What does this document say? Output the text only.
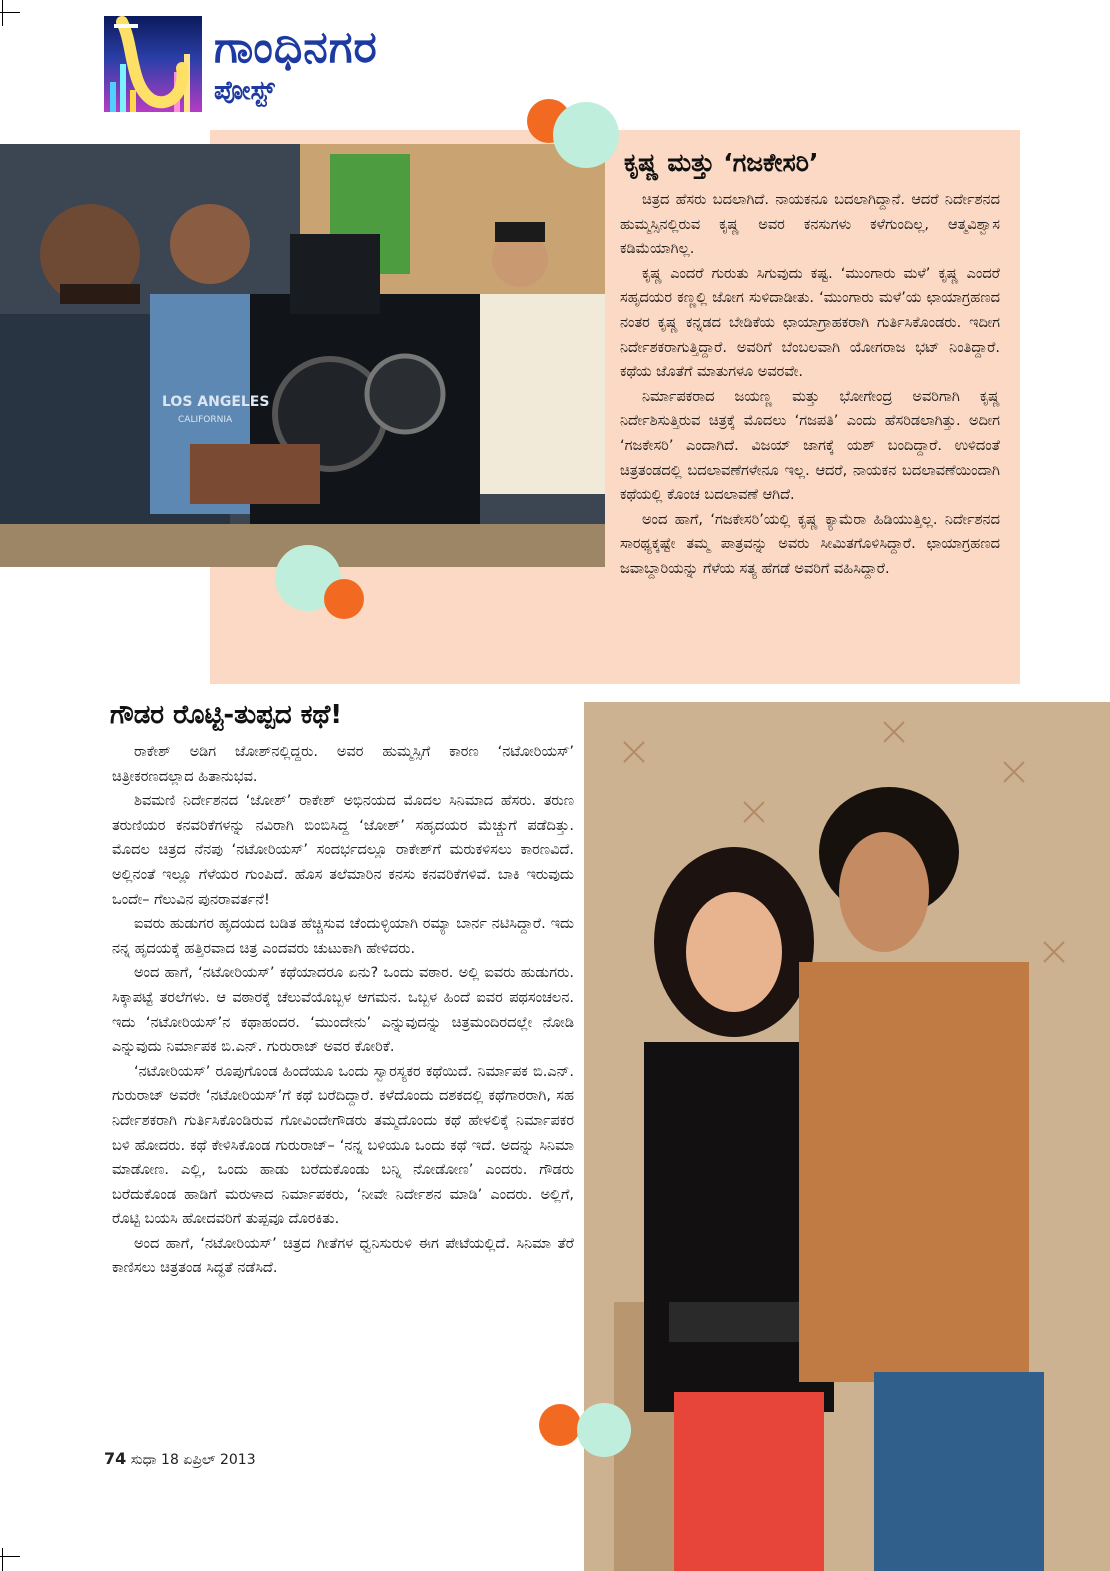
ಗಾಂಧಿನಗರ
ಪೋಸ್ಟ್
LOS ANGELES
CALIFORNIA
ಕೃಷ್ಣ ಮತ್ತು ‘ಗಜಕೇಸರಿ’

ಚಿತ್ರದ ಹೆಸರು ಬದಲಾಗಿದೆ. ನಾಯಕನೂ ಬದಲಾಗಿದ್ದಾನೆ. ಆದರೆ ನಿರ್ದೇಶನದ ಹುಮ್ಮಸ್ಸಿನಲ್ಲಿರುವ ಕೃಷ್ಣ ಅವರ ಕನಸುಗಳು ಕಳೆಗುಂದಿಲ್ಲ, ಆತ್ಮವಿಶ್ವಾಸ ಕಡಿಮೆಯಾಗಿಲ್ಲ.

ಕೃಷ್ಣ ಎಂದರೆ ಗುರುತು ಸಿಗುವುದು ಕಷ್ಟ. ‘ಮುಂಗಾರು ಮಳೆ’ ಕೃಷ್ಣ ಎಂದರೆ ಸಹೃದಯರ ಕಣ್ಣಲ್ಲಿ ಜೋಗ ಸುಳಿದಾಡೀತು. ‘ಮುಂಗಾರು ಮಳೆ’ಯ ಛಾಯಾಗ್ರಹಣದ ನಂತರ ಕೃಷ್ಣ ಕನ್ನಡದ ಬೇಡಿಕೆಯ ಛಾಯಾಗ್ರಾಹಕರಾಗಿ ಗುರ್ತಿಸಿಕೊಂಡರು. ಇದೀಗ ನಿರ್ದೇಶಕರಾಗುತ್ತಿದ್ದಾರೆ. ಅವರಿಗೆ ಬೆಂಬಲವಾಗಿ ಯೋಗರಾಜ ಭಟ್ ನಿಂತಿದ್ದಾರೆ. ಕಥೆಯ ಜೊತೆಗೆ ಮಾತುಗಳೂ ಅವರವೇ.

ನಿರ್ಮಾಪಕರಾದ ಜಯಣ್ಣ ಮತ್ತು ಭೋಗೇಂದ್ರ ಅವರಿಗಾಗಿ ಕೃಷ್ಣ ನಿರ್ದೇಶಿಸುತ್ತಿರುವ ಚಿತ್ರಕ್ಕೆ ಮೊದಲು ‘ಗಜಪತಿ’ ಎಂದು ಹೆಸರಿಡಲಾಗಿತ್ತು. ಅದೀಗ ‘ಗಜಕೇಸರಿ’ ಎಂದಾಗಿದೆ. ವಿಜಯ್ ಜಾಗಕ್ಕೆ ಯಶ್ ಬಂದಿದ್ದಾರೆ. ಉಳಿದಂತೆ ಚಿತ್ರತಂಡದಲ್ಲಿ ಬದಲಾವಣೆಗಳೇನೂ ಇಲ್ಲ. ಆದರೆ, ನಾಯಕನ ಬದಲಾವಣೆಯಿಂದಾಗಿ ಕಥೆಯಲ್ಲಿ ಕೊಂಚ ಬದಲಾವಣೆ ಆಗಿದೆ.

ಅಂದ ಹಾಗೆ, ‘ಗಜಕೇಸರಿ’ಯಲ್ಲಿ ಕೃಷ್ಣ ಕ್ಯಾಮೆರಾ ಹಿಡಿಯುತ್ತಿಲ್ಲ. ನಿರ್ದೇಶನದ ಸಾರಥ್ಯಕ್ಕಷ್ಟೇ ತಮ್ಮ ಪಾತ್ರವನ್ನು ಅವರು ಸೀಮಿತಗೊಳಿಸಿದ್ದಾರೆ. ಛಾಯಾಗ್ರಹಣದ ಜವಾಬ್ದಾರಿಯನ್ನು ಗೆಳೆಯ ಸತ್ಯ ಹೆಗಡೆ ಅವರಿಗೆ ವಹಿಸಿದ್ದಾರೆ.

ಗೌಡರ ರೊಟ್ಟಿ-ತುಪ್ಪದ ಕಥೆ!

ರಾಕೇಶ್ ಅಡಿಗ ಜೋಶ್‌ನಲ್ಲಿದ್ದರು. ಅವರ ಹುಮ್ಮಸ್ಸಿಗೆ ಕಾರಣ ‘ನಟೋರಿಯಸ್’ ಚಿತ್ರೀಕರಣದಲ್ಲಾದ ಹಿತಾನುಭವ.

ಶಿವಮಣಿ ನಿರ್ದೇಶನದ ‘ಜೋಶ್’ ರಾಕೇಶ್ ಅಭಿನಯದ ಮೊದಲ ಸಿನಿಮಾದ ಹೆಸರು. ತರುಣ ತರುಣಿಯರ ಕನವರಿಕೆಗಳನ್ನು ನವಿರಾಗಿ ಬಿಂಬಿಸಿದ್ದ ‘ಜೋಶ್’ ಸಹೃದಯರ ಮೆಚ್ಚುಗೆ ಪಡೆದಿತ್ತು. ಮೊದಲ ಚಿತ್ರದ ನೆನಪು ‘ನಟೋರಿಯಸ್’ ಸಂದರ್ಭದಲ್ಲೂ ರಾಕೇಶ್‌ಗೆ ಮರುಕಳಿಸಲು ಕಾರಣವಿದೆ. ಅಲ್ಲಿನಂತೆ ಇಲ್ಲೂ ಗೆಳೆಯರ ಗುಂಪಿದೆ. ಹೊಸ ತಲೆಮಾರಿನ ಕನಸು ಕನವರಿಕೆಗಳಿವೆ. ಬಾಕಿ ಇರುವುದು ಒಂದೇ– ಗೆಲುವಿನ ಪುನರಾವರ್ತನೆ!

ಐವರು ಹುಡುಗರ ಹೃದಯದ ಬಡಿತ ಹೆಚ್ಚಿಸುವ ಚೆಂದುಳ್ಳಿಯಾಗಿ ರಮ್ಯಾ ಬಾರ್ನ ನಟಿಸಿದ್ದಾರೆ. ಇದು ನನ್ನ ಹೃದಯಕ್ಕೆ ಹತ್ತಿರವಾದ ಚಿತ್ರ ಎಂದವರು ಚುಟುಕಾಗಿ ಹೇಳಿದರು.

ಅಂದ ಹಾಗೆ, ‘ನಟೋರಿಯಸ್’ ಕಥೆಯಾದರೂ ಏನು? ಒಂದು ವಠಾರ. ಅಲ್ಲಿ ಐವರು ಹುಡುಗರು. ಸಿಕ್ಕಾಪಟ್ಟೆ ತರಲೆಗಳು. ಆ ವಠಾರಕ್ಕೆ ಚೆಲುವೆಯೊಬ್ಬಳ ಆಗಮನ. ಒಬ್ಬಳ ಹಿಂದೆ ಐವರ ಪಥಸಂಚಲನ. ಇದು ‘ನಟೋರಿಯಸ್’ನ ಕಥಾಹಂದರ. ‘ಮುಂದೇನು’ ಎನ್ನುವುದನ್ನು ಚಿತ್ರಮಂದಿರದಲ್ಲೇ ನೋಡಿ ಎನ್ನುವುದು ನಿರ್ಮಾಪಕ ಬಿ.ಎನ್. ಗುರುರಾಜ್ ಅವರ ಕೋರಿಕೆ.

‘ನಟೋರಿಯಸ್’ ರೂಪುಗೊಂಡ ಹಿಂದೆಯೂ ಒಂದು ಸ್ವಾರಸ್ಯಕರ ಕಥೆಯಿದೆ. ನಿರ್ಮಾಪಕ ಬಿ.ಎನ್. ಗುರುರಾಜ್ ಅವರೇ ‘ನಟೋರಿಯಸ್’ಗೆ ಕಥೆ ಬರೆದಿದ್ದಾರೆ. ಕಳೆದೊಂದು ದಶಕದಲ್ಲಿ ಕಥೆಗಾರರಾಗಿ, ಸಹ ನಿರ್ದೇಶಕರಾಗಿ ಗುರ್ತಿಸಿಕೊಂಡಿರುವ ಗೋವಿಂದೇಗೌಡರು ತಮ್ಮದೊಂದು ಕಥೆ ಹೇಳಲಿಕ್ಕೆ ನಿರ್ಮಾಪಕರ ಬಳಿ ಹೋದರು. ಕಥೆ ಕೇಳಿಸಿಕೊಂಡ ಗುರುರಾಜ್– ‘ನನ್ನ ಬಳಿಯೂ ಒಂದು ಕಥೆ ಇದೆ. ಅದನ್ನು ಸಿನಿಮಾ ಮಾಡೋಣ. ಎಲ್ಲಿ, ಒಂದು ಹಾಡು ಬರೆದುಕೊಂಡು ಬನ್ನಿ ನೋಡೋಣ’ ಎಂದರು. ಗೌಡರು ಬರೆದುಕೊಂಡ ಹಾಡಿಗೆ ಮರುಳಾದ ನಿರ್ಮಾಪಕರು, ‘ನೀವೇ ನಿರ್ದೇಶನ ಮಾಡಿ’ ಎಂದರು. ಅಲ್ಲಿಗೆ, ರೊಟ್ಟಿ ಬಯಸಿ ಹೋದವರಿಗೆ ತುಪ್ಪವೂ ದೊರಕಿತು.

ಅಂದ ಹಾಗೆ, ‘ನಟೋರಿಯಸ್’ ಚಿತ್ರದ ಗೀತೆಗಳ ಧ್ವನಿಸುರುಳಿ ಈಗ ಪೇಟೆಯಲ್ಲಿದೆ. ಸಿನಿಮಾ ತೆರೆ ಕಾಣಿಸಲು ಚಿತ್ರತಂಡ ಸಿದ್ಧತೆ ನಡೆಸಿದೆ.

74 ಸುಧಾ 18 ಏಪ್ರಿಲ್ 2013
